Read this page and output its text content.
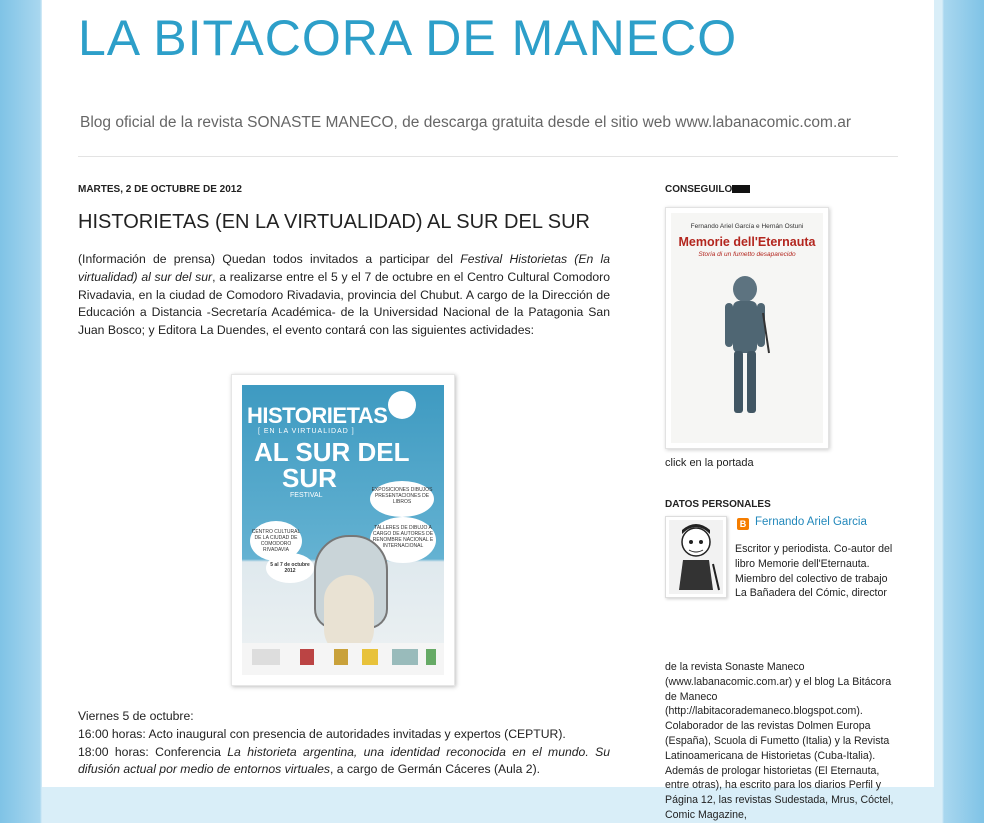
LA BITACORA DE MANECO
Blog oficial de la revista SONASTE MANECO, de descarga gratuita desde el sitio web www.labanacomic.com.ar
MARTES, 2 DE OCTUBRE DE 2012
HISTORIETAS (EN LA VIRTUALIDAD) AL SUR DEL SUR
(Información de prensa) Quedan todos invitados a participar del Festival Historietas (En la virtualidad) al sur del sur, a realizarse entre el 5 y el 7 de octubre en el Centro Cultural Comodoro Rivadavia, en la ciudad de Comodoro Rivadavia, provincia del Chubut. A cargo de la Dirección de Educación a Distancia -Secretaría Académica- de la Universidad Nacional de la Patagonia San Juan Bosco; y Editora La Duendes, el evento contará con las siguientes actividades:
HISTORIETAS
[ EN LA VIRTUALIDAD ]
AL SUR DEL
SUR
FESTIVAL
EXPOSICIONES DIBUJOS PRESENTACIONES DE LIBROS
TALLERES DE DIBUJO A CARGO DE AUTORES DE RENOMBRE NACIONAL E INTERNACIONAL
CENTRO CULTURAL DE LA CIUDAD DE COMODORO RIVADAVIA
5 al 7 de octubre 2012
Viernes 5 de octubre:
16:00 horas: Acto inaugural con presencia de autoridades invitadas y expertos (CEPTUR).
18:00 horas: Conferencia La historieta argentina, una identidad reconocida en el mundo. Su difusión actual por medio de entornos virtuales, a cargo de Germán Cáceres (Aula 2).
CONSEGUILO
Fernando Ariel García e Hernán Ostuni
Memorie dell'Eternauta
Storia di un fumetto desaparecido
click en la portada
DATOS PERSONALES
B Fernando Ariel Garcia
Escritor y periodista. Co-autor del libro Memorie dell'Eternauta. Miembro del colectivo de trabajo La Bañadera del Cómic, director
de la revista Sonaste Maneco (www.labanacomic.com.ar) y el blog La Bitácora de Maneco (http://labitacorademaneco.blogspot.com). Colaborador de las revistas Dolmen Europa (España), Scuola di Fumetto (Italia) y la Revista Latinoamericana de Historietas (Cuba-Italia). Además de prologar historietas (El Eternauta, entre otras), ha escrito para los diarios Perfil y Página 12, las revistas Sudestada, Mrus, Cóctel, Comic Magazine,
